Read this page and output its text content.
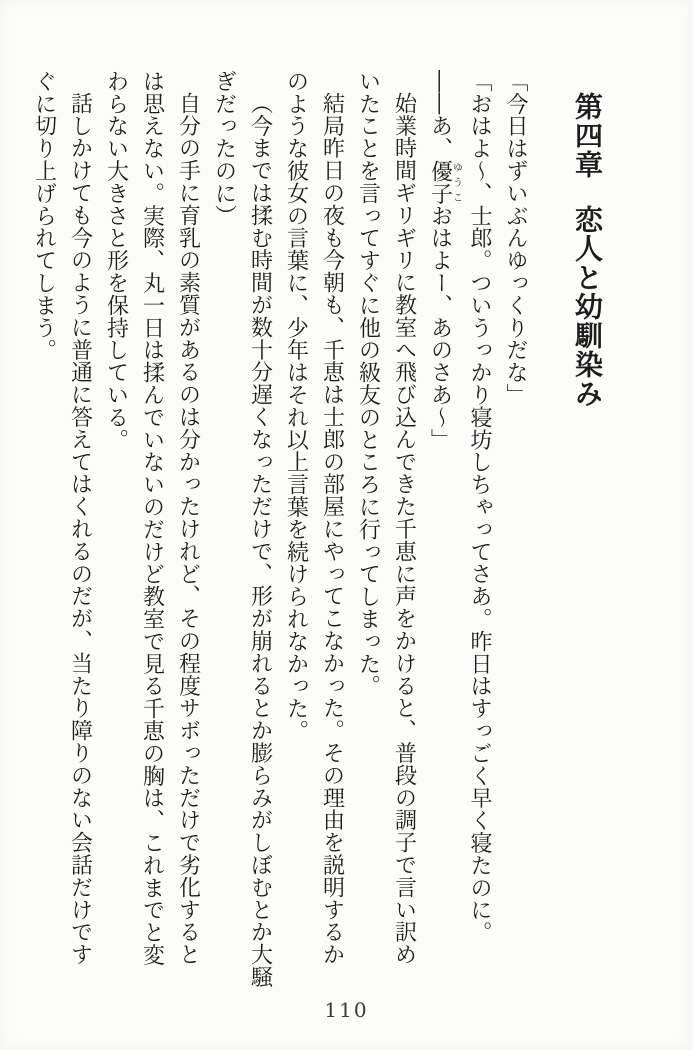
第四章恋人と幼馴染み
「今日はずいぶんゆっくりだな」
「おはよ～、士郎。ついうっかり寝坊しちゃってさあ。昨日はすっごく早く寝たのに。
――あ、優子ゆうこおはよー、あのさあ～」
始業時間ギリギリに教室へ飛び込んできた千恵に声をかけると、普段の調子で言い訳め
いたことを言ってすぐに他の級友のところに行ってしまった。
結局昨日の夜も今朝も、千恵は士郎の部屋にやってこなかった。その理由を説明するか
のような彼女の言葉に、少年はそれ以上言葉を続けられなかった。
（今までは揉む時間が数十分遅くなっただけで、形が崩れるとか膨らみがしぼむとか大騒
ぎだったのに）
自分の手に育乳の素質があるのは分かったけれど、その程度サボっただけで劣化すると
は思えない。実際、丸一日は揉んでいないのだけど教室で見る千恵の胸は、これまでと変
わらない大きさと形を保持している。
話しかけても今のように普通に答えてはくれるのだが、当たり障りのない会話だけです
ぐに切り上げられてしまう。
110
